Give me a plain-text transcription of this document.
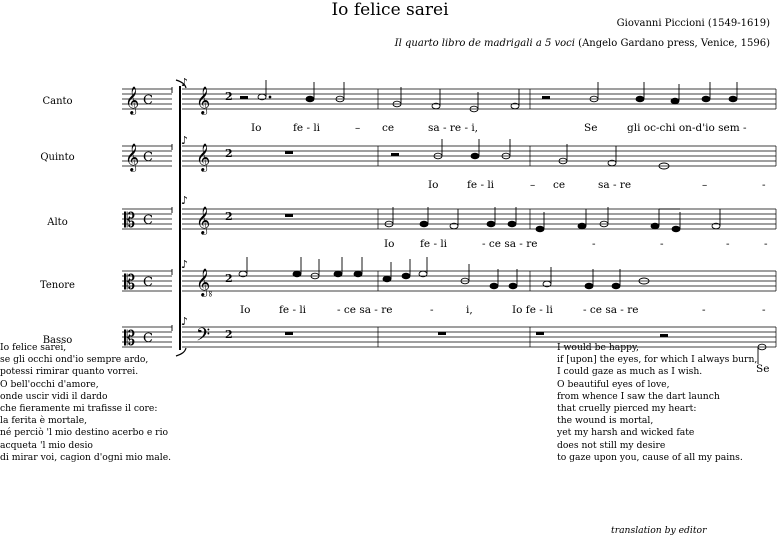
Io felice sarei
Giovanni Piccioni (1549-1619)
Il quarto libro de madrigali a 5 voci (Angelo Gardano press, Venice, 1596)
Canto
Quinto
Alto
Tenore
Basso
𝄞
𝄞
𝄡
𝄡
𝄡
𝄞
𝄞
𝄞
𝄠
𝄢
♪
♪
♪
♪
♪
C
C
C
C
C
2
2
2
2
2
Io	fe - li	– ce	sa - re - i,	Se	gli oc-chi on-d'io sem -
Io	fe - li	– ce	sa - re	–	-
Io fe - li	- ce sa - re	-	-	-	-
Io	fe - li	- ce sa - re	-	i,	Io fe - li	- ce sa - re	-	-
Se
Io felice sarei,
se gli occhi ond'io sempre ardo,
potessi rimirar quanto vorrei.
O bell'occhi d'amore,
onde uscir vidi il dardo
che fieramente mi trafisse il core:
la ferita è mortale,
né perciò 'l mio destino acerbo e rio
acqueta 'l mio desio
di mirar voi, cagion d'ogni mio male.
I would be happy,
if [upon] the eyes, for which I always burn,
I could gaze as much as I wish.
O beautiful eyes of love,
from whence I saw the dart launch
that cruelly pierced my heart:
the wound is mortal,
yet my harsh and wicked fate
does not still my desire
to gaze upon you, cause of all my pains.
translation by editor
